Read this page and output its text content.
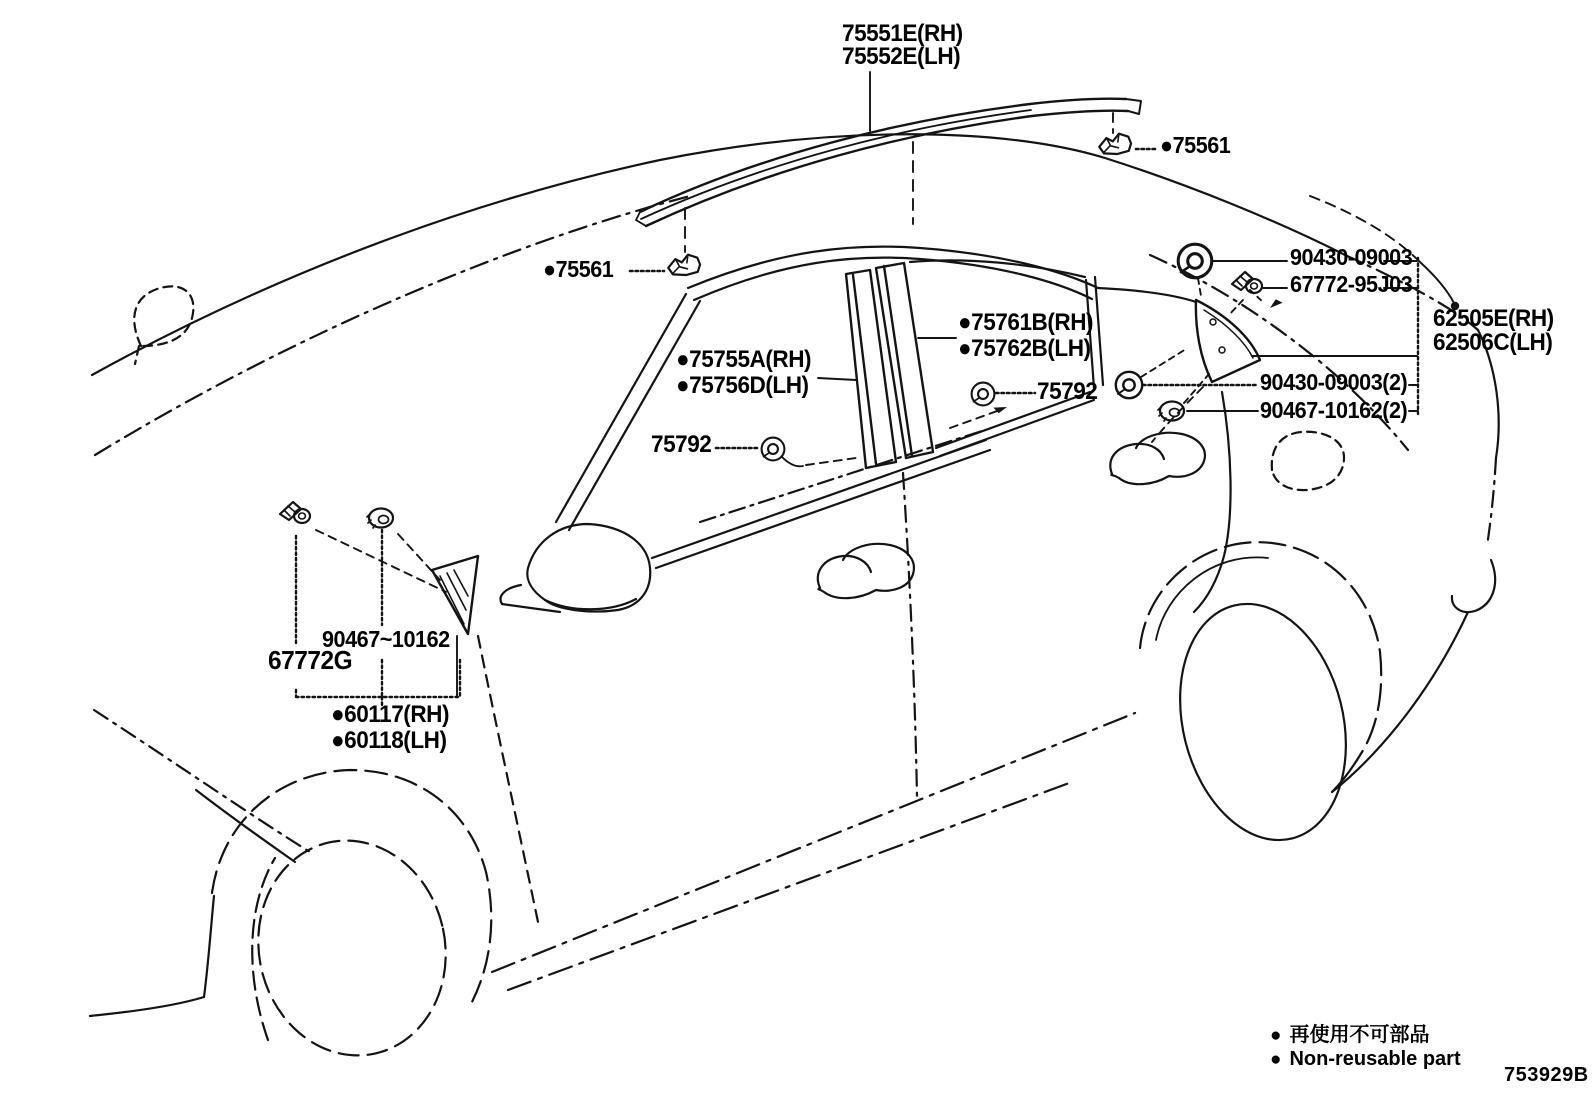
75551E(RH)
75552E(LH)
●75561
●75561	90430-09003
67772-95J03
62505E(RH)
62506C(LH)
●75761B(RH)
●75762B(LH)
●75755A(RH)
●75756D(LH)	90430-09003(2)
90467-10162(2)
75792
75792
90467~10162
67772G
●60117(RH)
●60118(LH)
● 再使用不可部品
● Non-reusable part
753929B
